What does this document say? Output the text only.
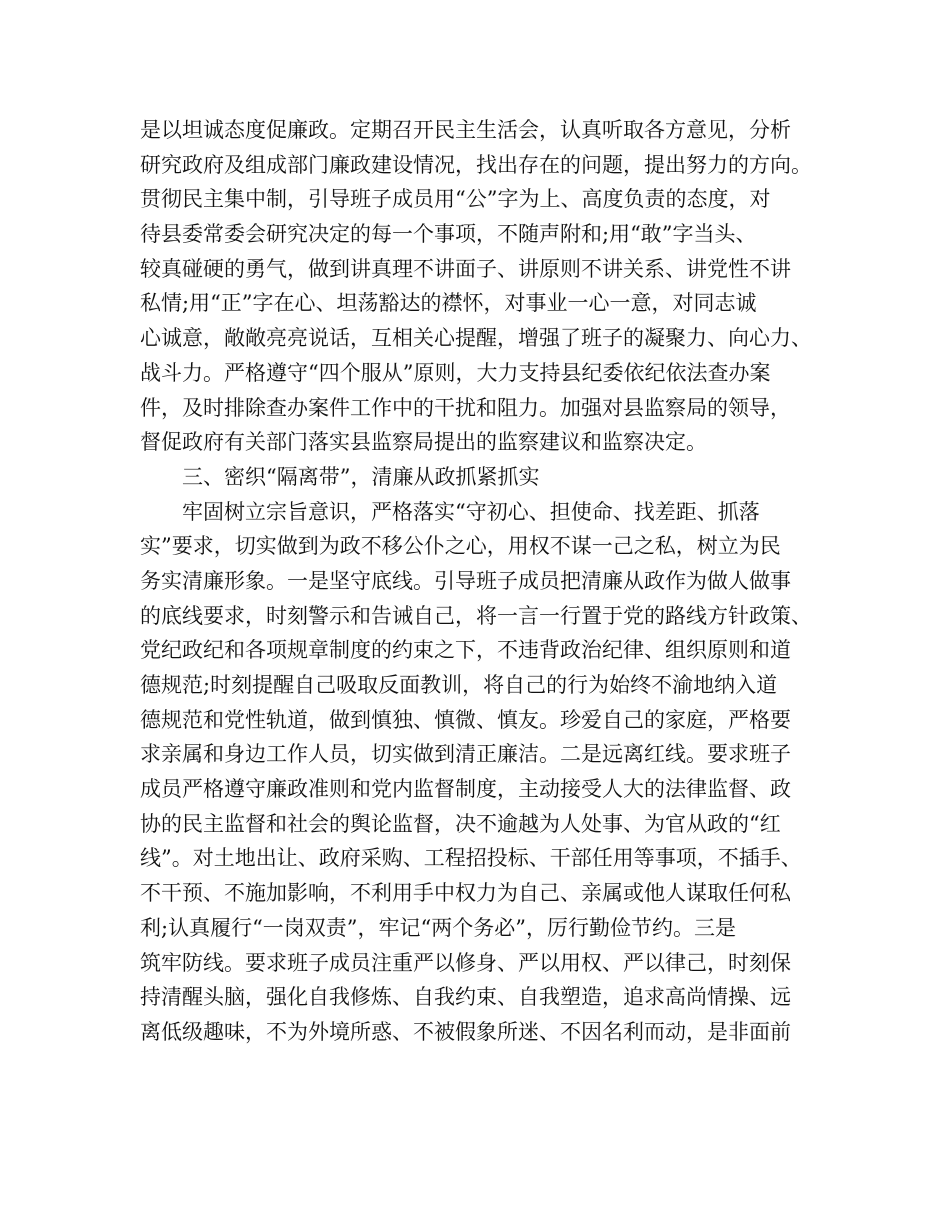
是以坦诚态度促廉政。定期召开民主生活会，认真听取各方意见，分析
研究政府及组成部门廉政建设情况，找出存在的问题，提出努力的方向。
贯彻民主集中制，引导班子成员用“公”字为上、高度负责的态度，对
待县委常委会研究决定的每一个事项，不随声附和;用“敢”字当头、
较真碰硬的勇气，做到讲真理不讲面子、讲原则不讲关系、讲党性不讲
私情;用“正”字在心、坦荡豁达的襟怀，对事业一心一意，对同志诚
心诚意，敞敞亮亮说话，互相关心提醒，增强了班子的凝聚力、向心力、
战斗力。严格遵守“四个服从”原则，大力支持县纪委依纪依法查办案
件，及时排除查办案件工作中的干扰和阻力。加强对县监察局的领导，
督促政府有关部门落实县监察局提出的监察建议和监察决定。
三、密织“隔离带”，清廉从政抓紧抓实
牢固树立宗旨意识，严格落实“守初心、担使命、找差距、抓落
实”要求，切实做到为政不移公仆之心，用权不谋一己之私，树立为民
务实清廉形象。一是坚守底线。引导班子成员把清廉从政作为做人做事
的底线要求，时刻警示和告诫自己，将一言一行置于党的路线方针政策、
党纪政纪和各项规章制度的约束之下，不违背政治纪律、组织原则和道
德规范;时刻提醒自己吸取反面教训，将自己的行为始终不渝地纳入道
德规范和党性轨道，做到慎独、慎微、慎友。珍爱自己的家庭，严格要
求亲属和身边工作人员，切实做到清正廉洁。二是远离红线。要求班子
成员严格遵守廉政准则和党内监督制度，主动接受人大的法律监督、政
协的民主监督和社会的舆论监督，决不逾越为人处事、为官从政的“红
线”。对土地出让、政府采购、工程招投标、干部任用等事项，不插手、
不干预、不施加影响，不利用手中权力为自己、亲属或他人谋取任何私
利;认真履行“一岗双责”，牢记“两个务必”，厉行勤俭节约。三是
筑牢防线。要求班子成员注重严以修身、严以用权、严以律己，时刻保
持清醒头脑，强化自我修炼、自我约束、自我塑造，追求高尚情操、远
离低级趣味，不为外境所惑、不被假象所迷、不因名利而动，是非面前
